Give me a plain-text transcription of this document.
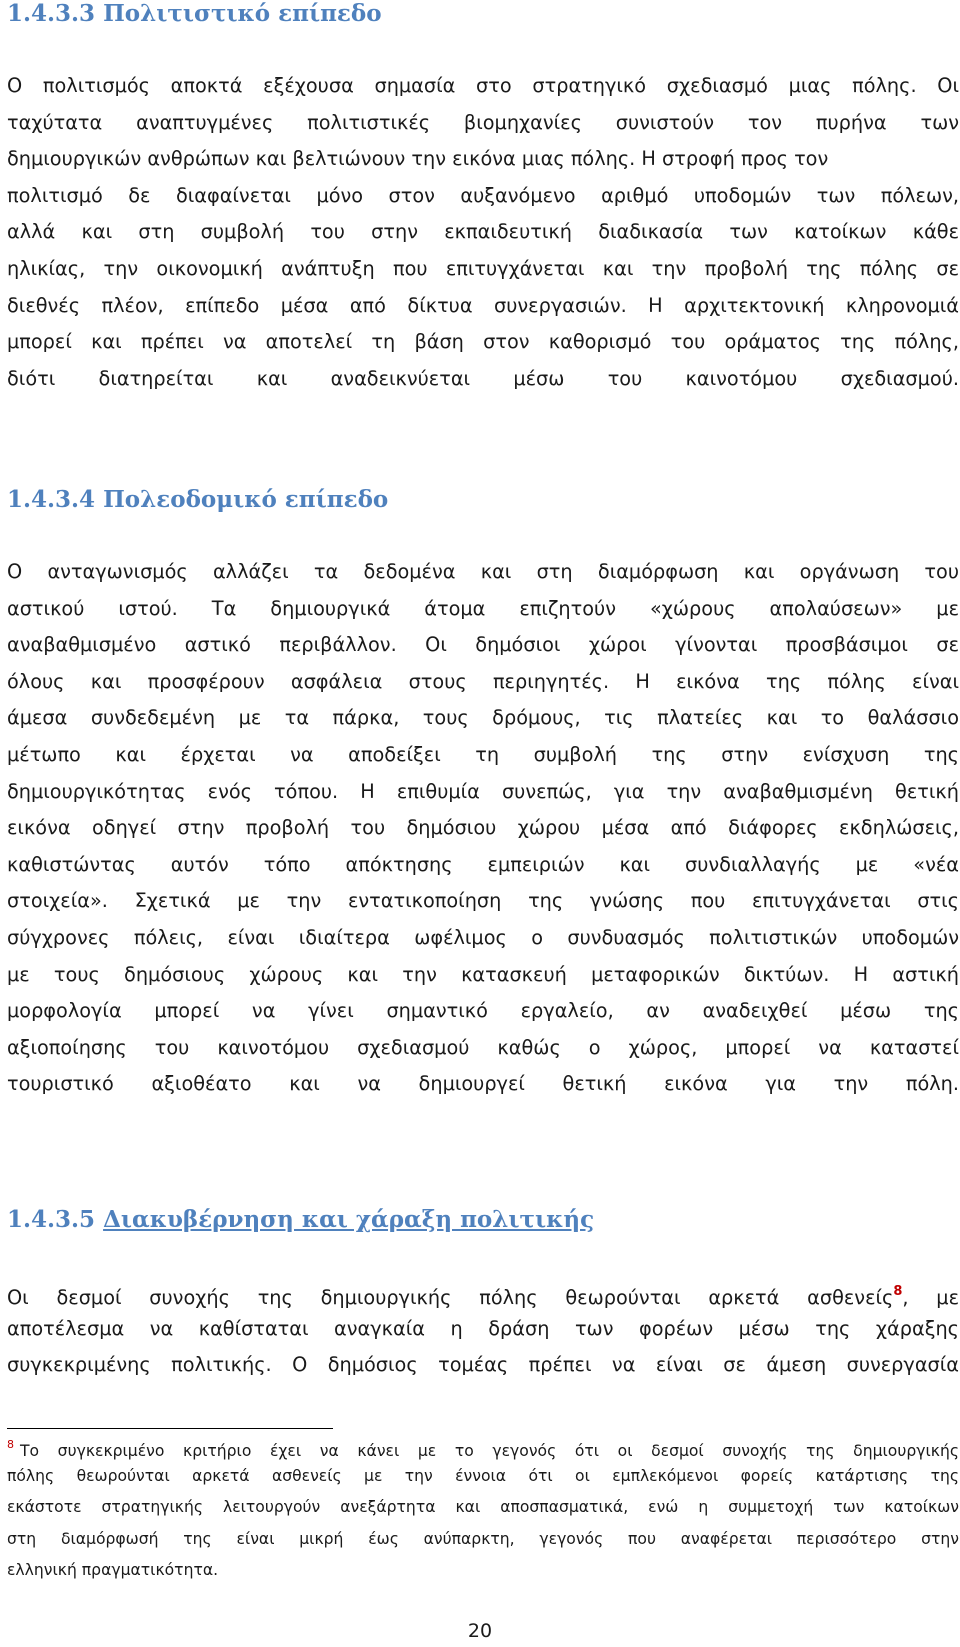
1.4.3.3 Πολιτιστικό επίπεδο
Ο πολιτισμός αποκτά εξέχουσα σημασία στο στρατηγικό σχεδιασμό μιας πόλης. Οι
ταχύτατα αναπτυγμένες πολιτιστικές βιομηχανίες συνιστούν τον πυρήνα των
δημιουργικών ανθρώπων και βελτιώνουν την εικόνα μιας πόλης. Η στροφή προς τον
πολιτισμό δε διαφαίνεται μόνο στον αυξανόμενο αριθμό υποδομών των πόλεων,
αλλά και στη συμβολή του στην εκπαιδευτική διαδικασία των κατοίκων κάθε
ηλικίας, την οικονομική ανάπτυξη που επιτυγχάνεται και την προβολή της πόλης σε
διεθνές πλέον, επίπεδο μέσα από δίκτυα συνεργασιών. Η αρχιτεκτονική κληρονομιά
μπορεί και πρέπει να αποτελεί τη βάση στον καθορισμό του οράματος της πόλης,
διότι διατηρείται και αναδεικνύεται μέσω του καινοτόμου σχεδιασμού.
1.4.3.4 Πολεοδομικό επίπεδο
Ο ανταγωνισμός αλλάζει τα δεδομένα και στη διαμόρφωση και οργάνωση του
αστικού ιστού. Τα δημιουργικά άτομα επιζητούν «χώρους απολαύσεων» με
αναβαθμισμένο αστικό περιβάλλον. Οι δημόσιοι χώροι γίνονται προσβάσιμοι σε
όλους και προσφέρουν ασφάλεια στους περιηγητές. Η εικόνα της πόλης είναι
άμεσα συνδεδεμένη με τα πάρκα, τους δρόμους, τις πλατείες και το θαλάσσιο
μέτωπο και έρχεται να αποδείξει τη συμβολή της στην ενίσχυση της
δημιουργικότητας ενός τόπου. Η επιθυμία συνεπώς, για την αναβαθμισμένη θετική
εικόνα οδηγεί στην προβολή του δημόσιου χώρου μέσα από διάφορες εκδηλώσεις,
καθιστώντας αυτόν τόπο απόκτησης εμπειριών και συνδιαλλαγής με «νέα
στοιχεία». Σχετικά με την εντατικοποίηση της γνώσης που επιτυγχάνεται στις
σύγχρονες πόλεις, είναι ιδιαίτερα ωφέλιμος ο συνδυασμός πολιτιστικών υποδομών
με τους δημόσιους χώρους και την κατασκευή μεταφορικών δικτύων. Η αστική
μορφολογία μπορεί να γίνει σημαντικό εργαλείο, αν αναδειχθεί μέσω της
αξιοποίησης του καινοτόμου σχεδιασμού καθώς ο χώρος, μπορεί να καταστεί
τουριστικό αξιοθέατο και να δημιουργεί θετική εικόνα για την πόλη.
1.4.3.5 Διακυβέρνηση και χάραξη πολιτικής
Οι δεσμοί συνοχής της δημιουργικής πόλης θεωρούνται αρκετά ασθενείς$^8$, με
αποτέλεσμα να καθίσταται αναγκαία η δράση των φορέων μέσω της χάραξης
συγκεκριμένης πολιτικής. Ο δημόσιος τομέας πρέπει να είναι σε άμεση συνεργασία
$^8$ Το συγκεκριμένο κριτήριο έχει να κάνει με το γεγονός ότι οι δεσμοί συνοχής της δημιουργικής
πόλης θεωρούνται αρκετά ασθενείς με την έννοια ότι οι εμπλεκόμενοι φορείς κατάρτισης της
εκάστοτε στρατηγικής λειτουργούν ανεξάρτητα και αποσπασματικά, ενώ η συμμετοχή των κατοίκων
στη διαμόρφωσή της είναι μικρή έως ανύπαρκτη, γεγονός που αναφέρεται περισσότερο στην
ελληνική πραγματικότητα.
20
